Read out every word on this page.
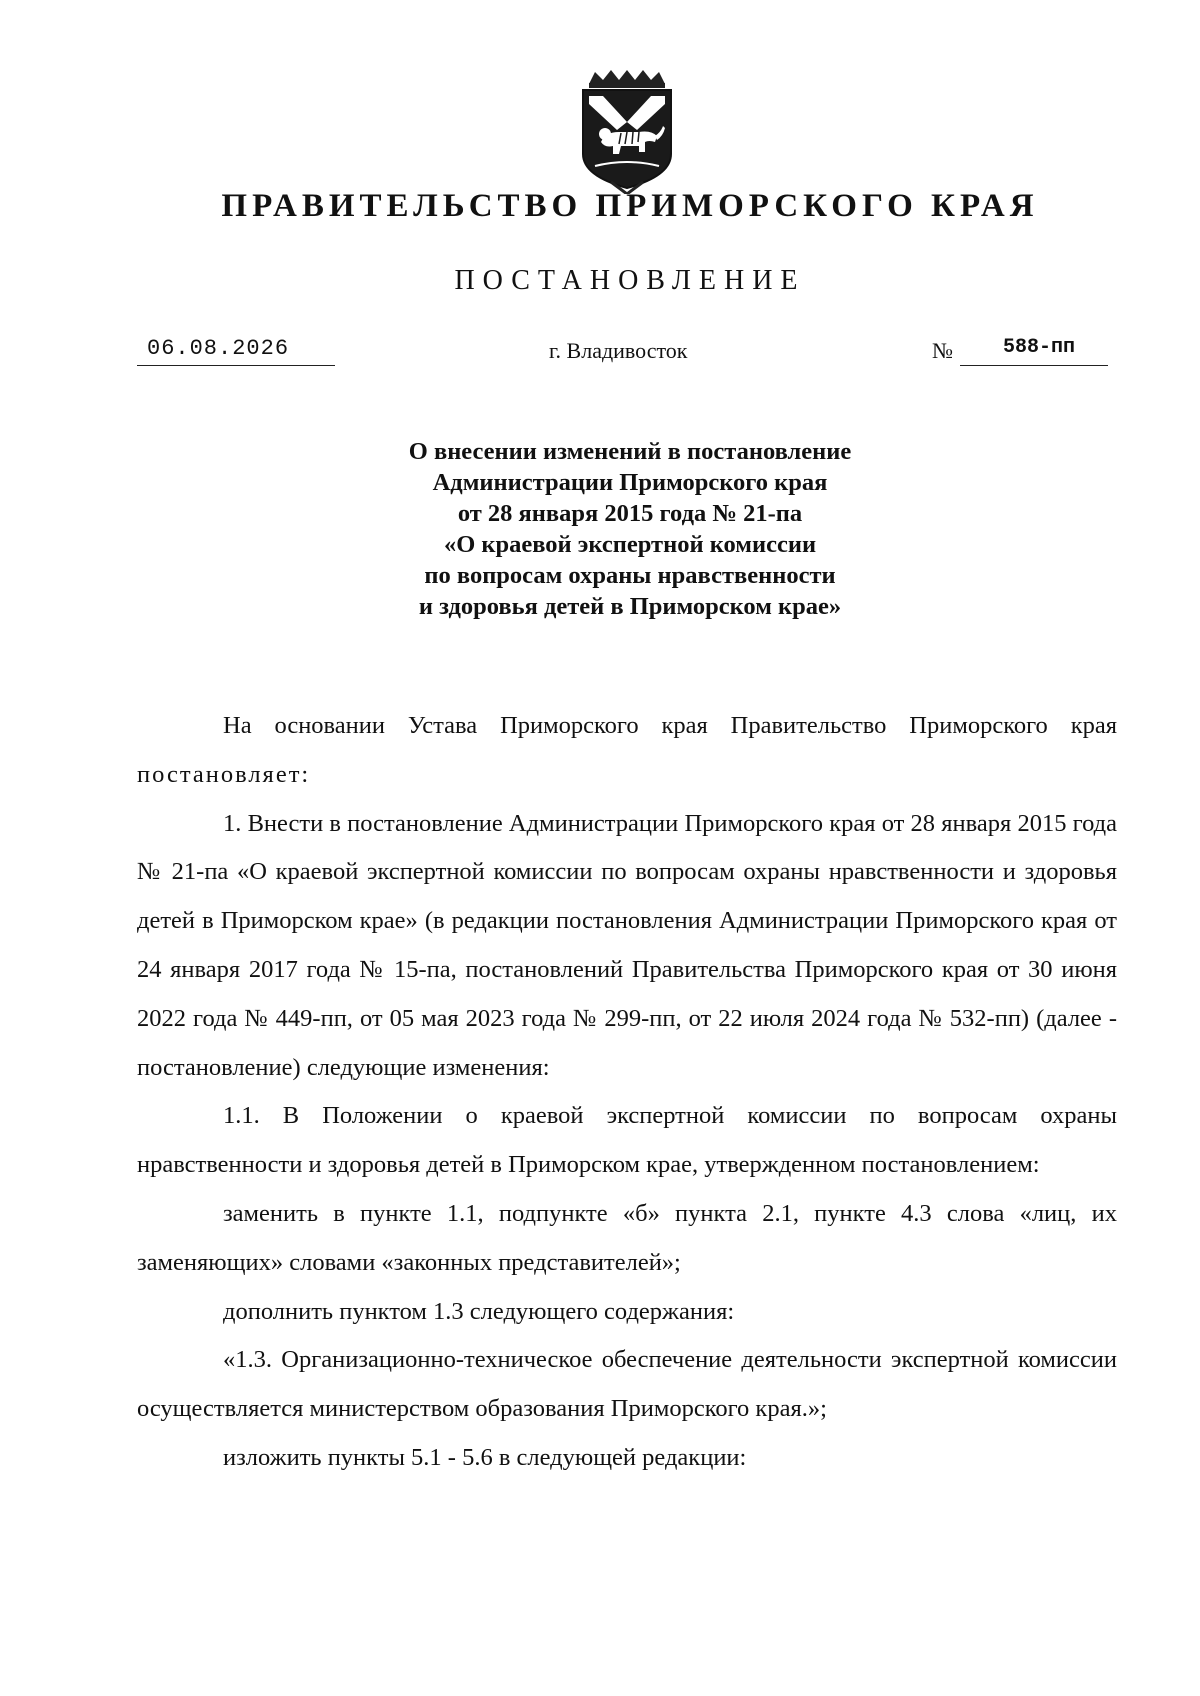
ПРАВИТЕЛЬСТВО ПРИМОРСКОГО КРАЯ
ПОСТАНОВЛЕНИЕ
06.08.2026	г. Владивосток	№	588-пп
О внесении изменений в постановление
Администрации Приморского края
от 28 января 2015 года № 21-па
«О краевой экспертной комиссии
по вопросам охраны нравственности
и здоровья детей в Приморском крае»

На основании Устава Приморского края Правительство Приморского края постановляет:

1. Внести в постановление Администрации Приморского края от 28 января 2015 года № 21-па «О краевой экспертной комиссии по вопросам охраны нравственности и здоровья детей в Приморском крае» (в редакции постановления Администрации Приморского края от 24 января 2017 года № 15-па, постановлений Правительства Приморского края от 30 июня 2022 года № 449-пп, от 05 мая 2023 года № 299-пп, от 22 июля 2024 года № 532-пп) (далее - постановление) следующие изменения:

1.1. В Положении о краевой экспертной комиссии по вопросам охраны нравственности и здоровья детей в Приморском крае, утвержденном постановлением:

заменить в пункте 1.1, подпункте «б» пункта 2.1, пункте 4.3 слова «лиц, их заменяющих» словами «законных представителей»;

дополнить пунктом 1.3 следующего содержания:

«1.3. Организационно-техническое обеспечение деятельности экспертной комиссии осуществляется министерством образования Приморского края.»;

изложить пункты 5.1 - 5.6 в следующей редакции:
